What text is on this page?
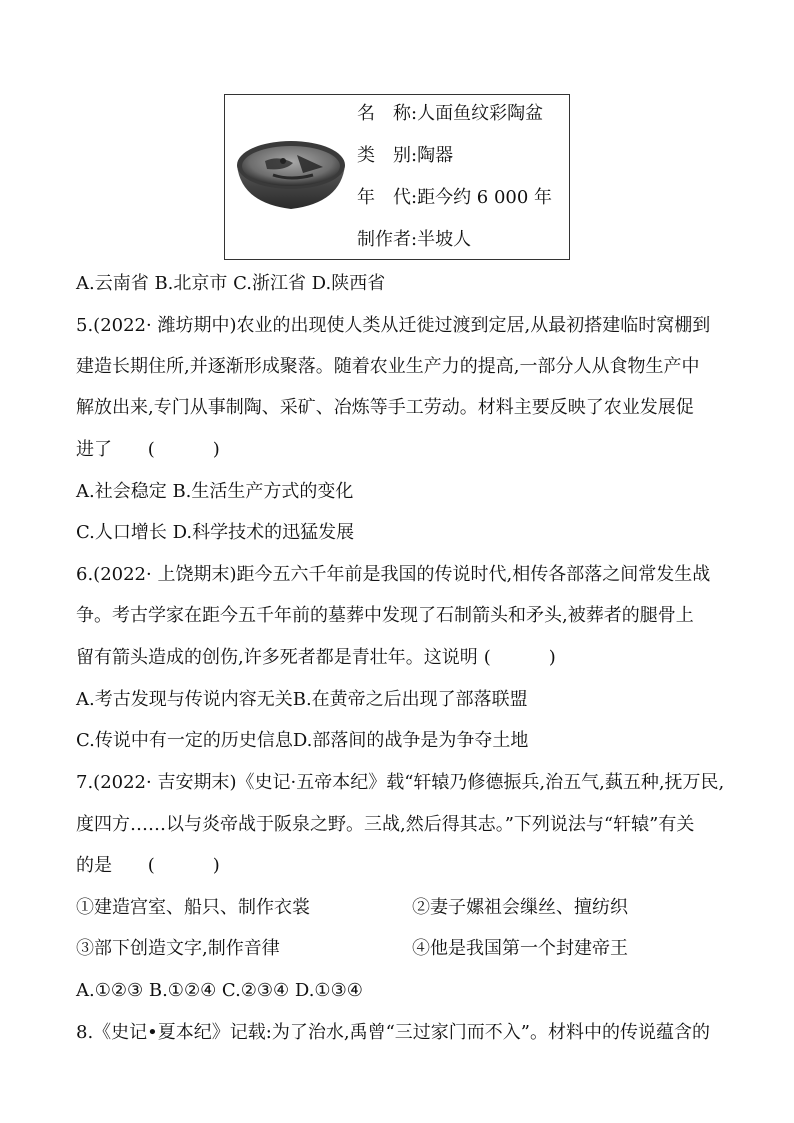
名　称:人面鱼纹彩陶盆
类　别:陶器
年　代:距今约 6 000 年
制作者:半坡人
A.云南省 B.北京市 C.浙江省 D.陕西省
5.(2022· 潍坊期中)农业的出现使人类从迁徙过渡到定居,从最初搭建临时窝棚到
建造长期住所,并逐渐形成聚落。随着农业生产力的提高,一部分人从食物生产中
解放出来,专门从事制陶、采矿、冶炼等手工劳动。材料主要反映了农业发展促
进了 (	)
A.社会稳定 B.生活生产方式的变化
C.人口增长 D.科学技术的迅猛发展
6.(2022· 上饶期末)距今五六千年前是我国的传说时代,相传各部落之间常发生战
争。考古学家在距今五千年前的墓葬中发现了石制箭头和矛头,被葬者的腿骨上
留有箭头造成的创伤,许多死者都是青壮年。这说明 (	)
A.考古发现与传说内容无关B.在黄帝之后出现了部落联盟
C.传说中有一定的历史信息D.部落间的战争是为争夺土地
7.(2022· 吉安期末)《史记·五帝本纪》载“轩辕乃修德振兵,治五气,蓺五种,抚万民,
度四方……以与炎帝战于阪泉之野。三战,然后得其志。”下列说法与“轩辕”有关
的是 (	)
①建造宫室、船只、制作衣裳	②妻子嫘祖会缫丝、擅纺织
③部下创造文字,制作音律	④他是我国第一个封建帝王
A.①②③ B.①②④ C.②③④ D.①③④
8.《史记•夏本纪》记载:为了治水,禹曾“三过家门而不入”。材料中的传说蕴含的
